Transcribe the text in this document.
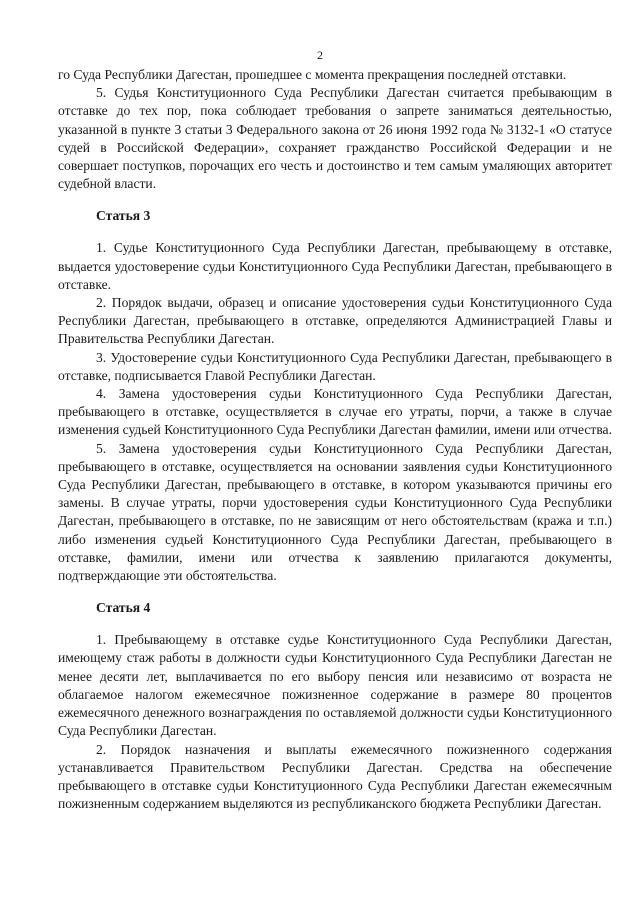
2

го Суда Республики Дагестан, прошедшее с момента прекращения последней отставки.

5. Судья Конституционного Суда Республики Дагестан считается пребывающим в отставке до тех пор, пока соблюдает требования о запрете заниматься деятельностью, указанной в пункте 3 статьи 3 Федерального закона от 26 июня 1992 года № 3132-1 «О статусе судей в Российской Федерации», сохраняет гражданство Российской Федерации и не совершает поступков, порочащих его честь и достоинство и тем самым умаляющих авторитет судебной власти.

Статья 3

1. Судье Конституционного Суда Республики Дагестан, пребывающему в отставке, выдается удостоверение судьи Конституционного Суда Республики Дагестан, пребывающего в отставке.

2. Порядок выдачи, образец и описание удостоверения судьи Конституционного Суда Республики Дагестан, пребывающего в отставке, определяются Администрацией Главы и Правительства Республики Дагестан.

3. Удостоверение судьи Конституционного Суда Республики Дагестан, пребывающего в отставке, подписывается Главой Республики Дагестан.

4. Замена удостоверения судьи Конституционного Суда Республики Дагестан, пребывающего в отставке, осуществляется в случае его утраты, порчи, а также в случае изменения судьей Конституционного Суда Республики Дагестан фамилии, имени или отчества.

5. Замена удостоверения судьи Конституционного Суда Республики Дагестан, пребывающего в отставке, осуществляется на основании заявления судьи Конституционного Суда Республики Дагестан, пребывающего в отставке, в котором указываются причины его замены. В случае утраты, порчи удостоверения судьи Конституционного Суда Республики Дагестан, пребывающего в отставке, по не зависящим от него обстоятельствам (кража и т.п.) либо изменения судьей Конституционного Суда Республики Дагестан, пребывающего в отставке, фамилии, имени или отчества к заявлению прилагаются документы, подтверждающие эти обстоятельства.

Статья 4

1. Пребывающему в отставке судье Конституционного Суда Республики Дагестан, имеющему стаж работы в должности судьи Конституционного Суда Республики Дагестан не менее десяти лет, выплачивается по его выбору пенсия или независимо от возраста не облагаемое налогом ежемесячное пожизненное содержание в размере 80 процентов ежемесячного денежного вознаграждения по оставляемой должности судьи Конституционного Суда Республики Дагестан.

2. Порядок назначения и выплаты ежемесячного пожизненного содержания устанавливается Правительством Республики Дагестан. Средства на обеспечение пребывающего в отставке судьи Конституционного Суда Республики Дагестан ежемесячным пожизненным содержанием выделяются из республиканского бюджета Республики Дагестан.
